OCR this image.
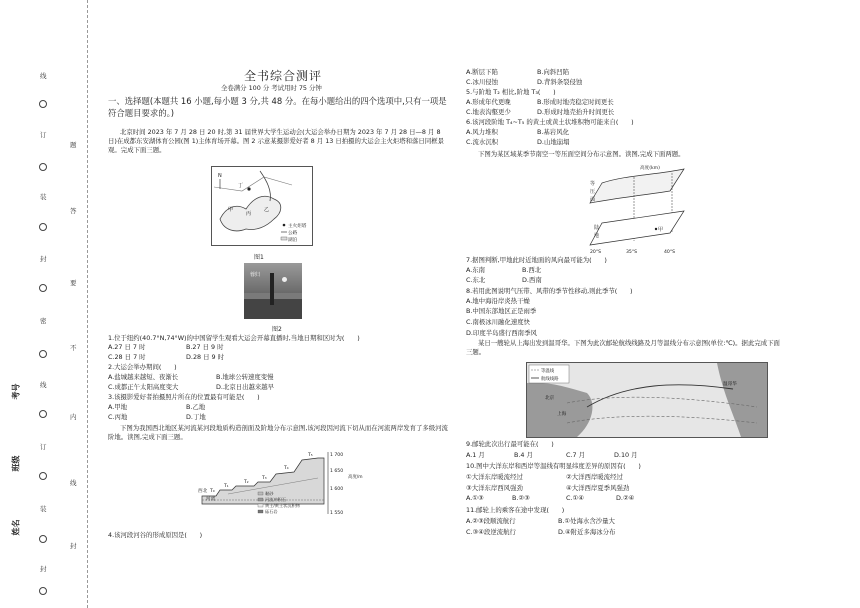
线
订
装
封
密
线
订
装
封
题
答
要
不
内
线
封
考号
班级
姓名
全书综合测评
全卷满分 100 分 考试用时 75 分钟
一、选择题(本题共 16 小题,每小题 3 分,共 48 分。在每小题给出的四个选项中,只有一项是符合题目要求的。)
北京时间 2023 年 7 月 28 日 20 时,第 31 届世界大学生运动会(大运会举办日期为 2023 年 7 月 28 日—8 月 8 日)在成都东安湖体育公园(图 1)主体育场开幕。图 2 示意某摄影爱好者 8 月 13 日拍摄的大运会主火炬塔和落日同框景观。完成下面三题。
丁
甲
丙
乙
N
主火炬塔
公路
湖泊
图1
蓉归
图2
1.位于纽约(40.7°N,74°W)的中国留学生观看大运会开幕直播时,当地日期和区时为(　　)
A.27 日 7 时	B.27 日 9 时
C.28 日 7 时	D.28 日 9 时
2.大运会举办期间(　　)
A.盐城越来越短、夜渐长	B.地球公转速度变慢
C.成都正午太阳高度变大	D.北京日出越来越早
3.该摄影爱好者拍摄照片所在的位置最有可能是(　　)
A.甲地	B.乙地
C.丙地	D.丁地
下图为我国西北地区某河流某河段地质构造剖面及阶地分布示意图,该河段因河流下切从而在河流两岸发育了多级河流阶地。读图,完成下面三题。
T₀
T₁
T₂
T₃
T₄
T₅
西北
河流
1 700
1 650
1 600
1 550
高度/m
黏砂
河流冲积石
黄土/黄土状沉积物
砾石岩
4.该河段河谷的形成原因是(　　)
A.断层下陷	B.向斜凹陷
C.冰川侵蚀	D.背斜条裂侵蚀
5.与阶地 T₂ 相比,阶地 T₃(　　)
A.形成年代更晚	B.形成时地壳稳定时间更长
C.地表沟壑更少	D.形成时地壳抬升时间更长
6.该河段阶地 T₄~T₅ 的黄土或黄土状堆积物可能来自(　　)
A.风力堆积	B.基岩风化
C.流水沉积	D.山地崩塌
下图为某区域某季节南空一等压面空间分布示意图。读图,完成下面两题。
高度(km)
等
压
面
陆
地
甲
20°S	35°S	40°S
7.据图判断,甲地此时近地面的风向最可能为(　　)
A.东南	B.西北
C.东北	D.西南
8.若用此图说明气压带、风带的季节性移动,则此季节(　　)
A.地中海沿岸炎热干燥
B.中国东部地区正是雨季
C.南极冰川融化速度快
D.印度半岛盛行西南季风
某日一艘轮从上海出发到温哥华。下图为此次邮轮航线线路及月等温线分布示意图(单位:℃)。据此完成下面三题。
等温线
航线线路
北京
上海
温哥华
9.邮轮此次出行最可能在(　　)
A.1 月	B.4 月	C.7 月	D.10 月
10.图中大洋东岸和西岸等温线有明显纬度差异的原因有(　　)
①大洋东岸暖流经过	②大洋西岸暖流经过
③大洋东岸西风强劲	④大洋西岸夏季风强劲
A.①③	B.②③	C.①④	D.②④
11.邮轮上的乘客在途中发现(　　)
A.②③段顺流航行	B.①处海水含沙量大
C.③④段逆流航行	D.④附近多海冰分布
